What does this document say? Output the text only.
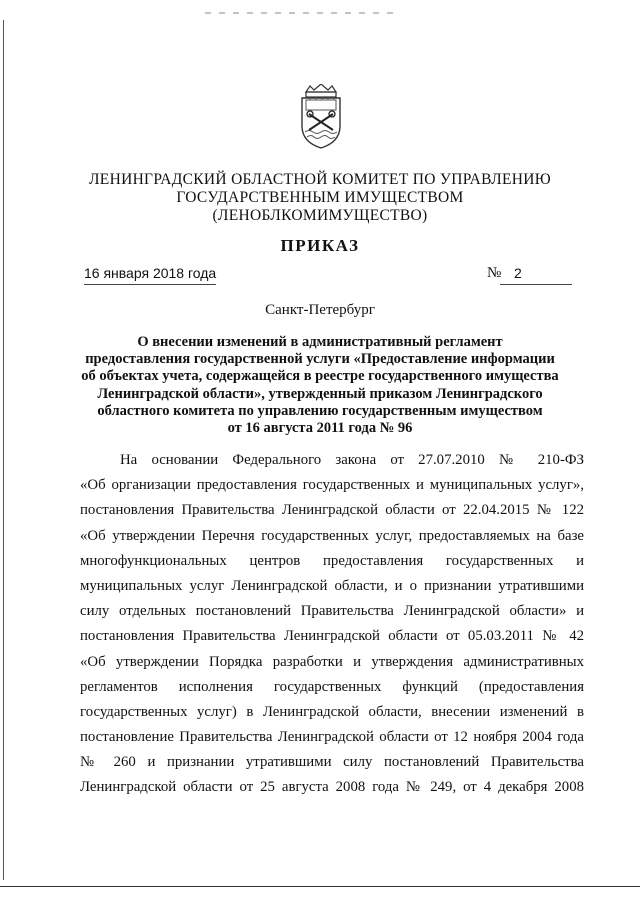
ЛЕНИНГРАДСКИЙ ОБЛАСТНОЙ КОМИТЕТ ПО УПРАВЛЕНИЮ
ГОСУДАРСТВЕННЫМ ИМУЩЕСТВОМ
(ЛЕНОБЛКОМИМУЩЕСТВО)
ПРИКАЗ
16 января 2018 года	№ 2
Санкт-Петербург
О внесении изменений в административный регламент
предоставления государственной услуги «Предоставление информации
об объектах учета, содержащейся в реестре государственного имущества
Ленинградской области», утвержденный приказом Ленинградского
областного комитета по управлению государственным имуществом
от 16 августа 2011 года № 96
На основании Федерального закона от 27.07.2010 № 210-ФЗ
«Об организации предоставления государственных и муниципальных услуг»,
постановления Правительства Ленинградской области от 22.04.2015 № 122
«Об утверждении Перечня государственных услуг, предоставляемых на базе
многофункциональных центров предоставления государственных и
муниципальных услуг Ленинградской области, и о признании утратившими
силу отдельных постановлений Правительства Ленинградской области» и
постановления Правительства Ленинградской области от 05.03.2011 № 42
«Об утверждении Порядка разработки и утверждения административных
регламентов исполнения государственных функций (предоставления
государственных услуг) в Ленинградской области, внесении изменений в
постановление Правительства Ленинградской области от 12 ноября 2004 года
№ 260 и признании утратившими силу постановлений Правительства
Ленинградской области от 25 августа 2008 года № 249, от 4 декабря 2008
